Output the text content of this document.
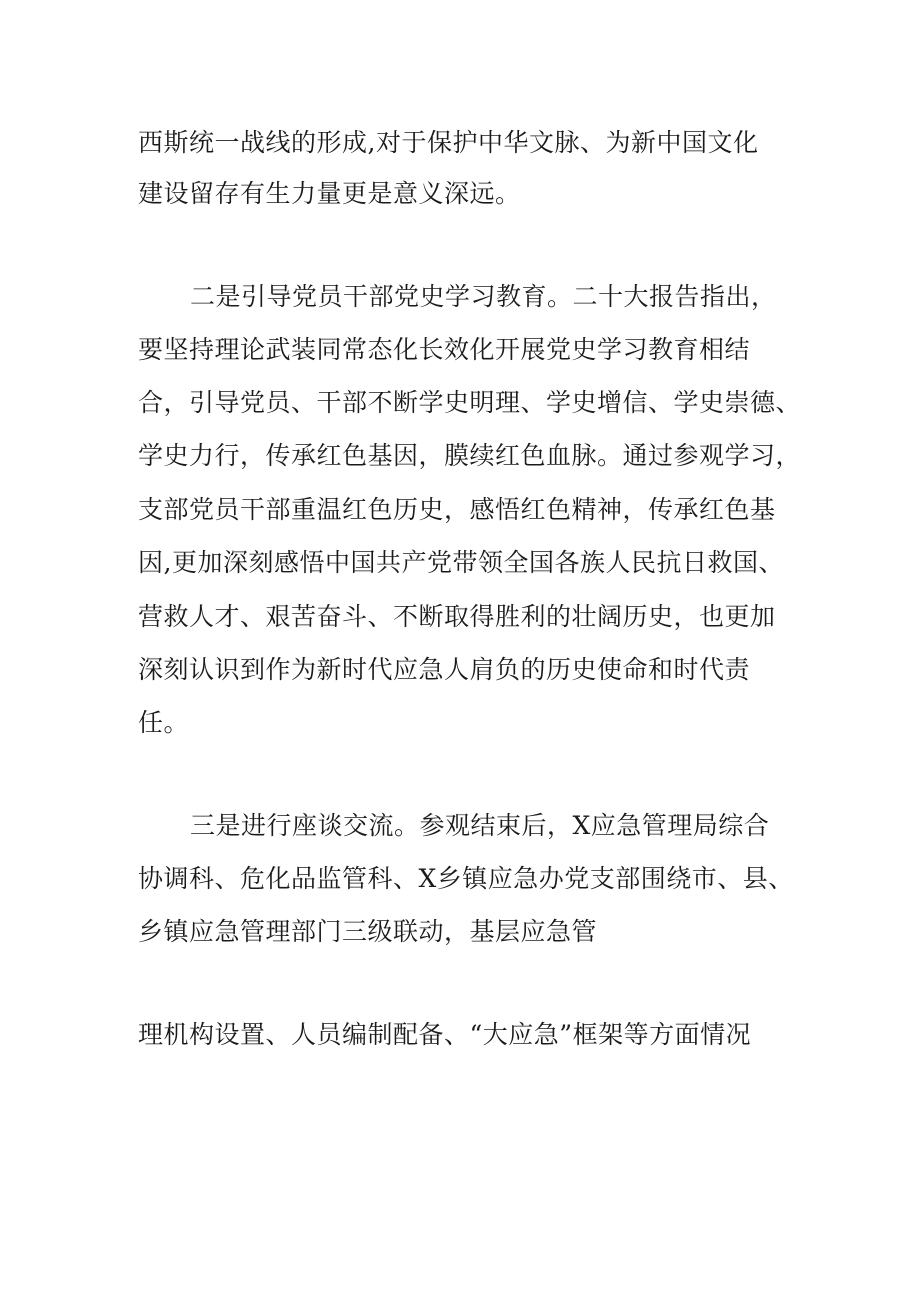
西斯统一战线的形成,对于保护中华文脉、为新中国文化
建设留存有生力量更是意义深远。
二是引导党员干部党史学习教育。二十大报告指出，
要坚持理论武装同常态化长效化开展党史学习教育相结
合，引导党员、干部不断学史明理、学史增信、学史崇德、
学史力行，传承红色基因，膜续红色血脉。通过参观学习，
支部党员干部重温红色历史，感悟红色精神，传承红色基
因,更加深刻感悟中国共产党带领全国各族人民抗日救国、
营救人才、艰苦奋斗、不断取得胜利的壮阔历史，也更加
深刻认识到作为新时代应急人肩负的历史使命和时代责
任。
三是进行座谈交流。参观结束后，X应急管理局综合
协调科、危化品监管科、X乡镇应急办党支部围绕市、县、
乡镇应急管理部门三级联动，基层应急管
理机构设置、人员编制配备、“大应急”框架等方面情况
